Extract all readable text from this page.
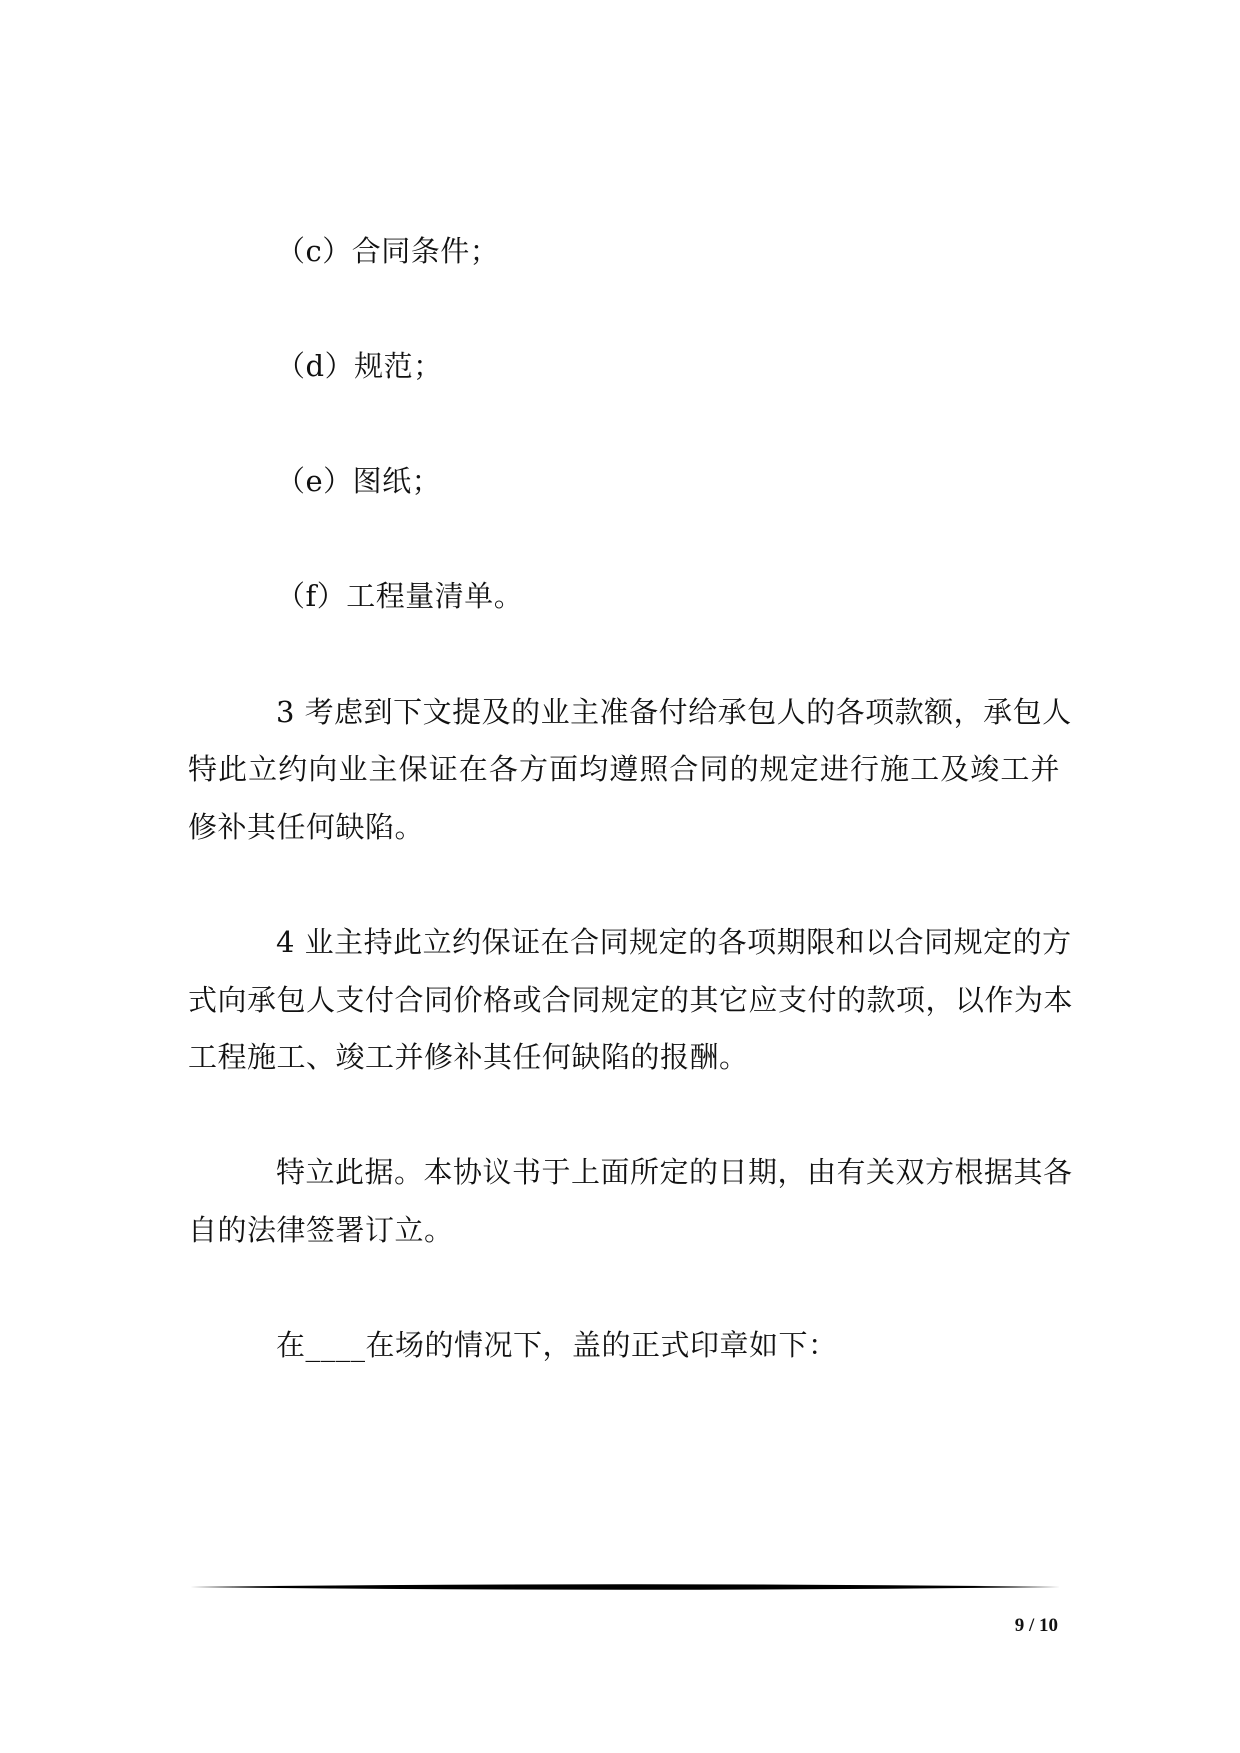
（c）合同条件；
（d）规范；
（e）图纸；
（f）工程量清单。
3 考虑到下文提及的业主准备付给承包人的各项款额，承包人
特此立约向业主保证在各方面均遵照合同的规定进行施工及竣工并
修补其任何缺陷。
4 业主持此立约保证在合同规定的各项期限和以合同规定的方
式向承包人支付合同价格或合同规定的其它应支付的款项，以作为本
工程施工、竣工并修补其任何缺陷的报酬。
特立此据。本协议书于上面所定的日期，由有关双方根据其各
自的法律签署订立。
在____在场的情况下，盖的正式印章如下：
9 / 10
